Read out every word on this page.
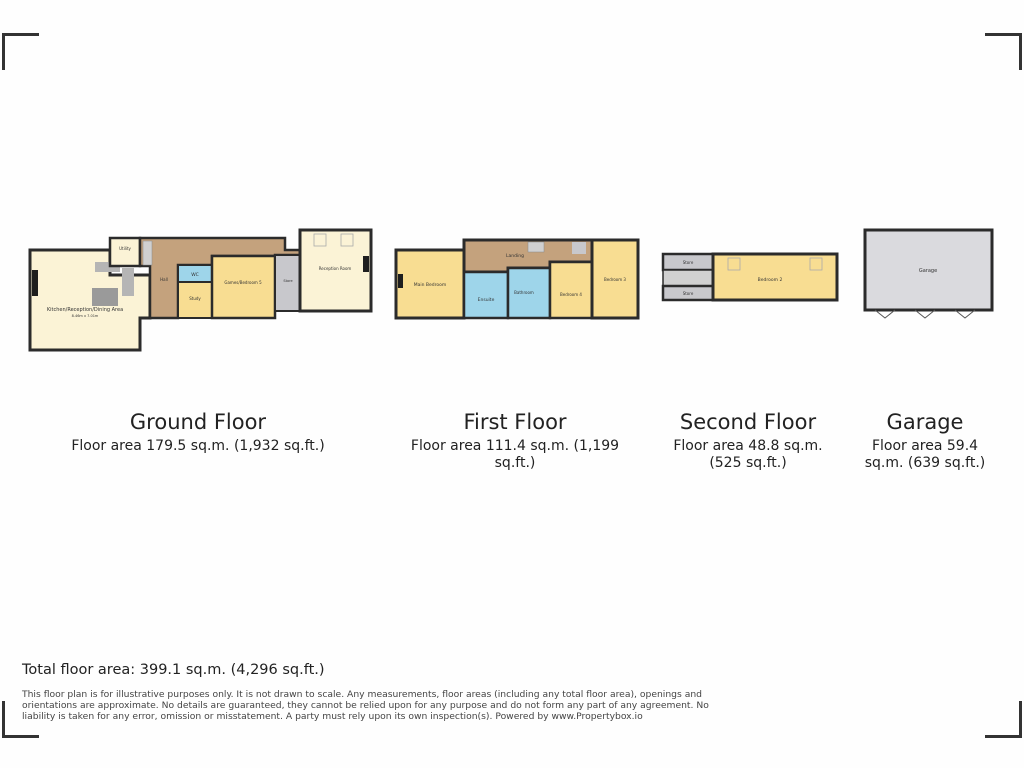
Kitchen/Reception/Dining Area
8.46m x 7.01m
Utility
Hall
WC
Study
Games/Bedroom 5	Store
Reception Room
Main Bedroom
Ensuite
Landing
Bathroom	Bedroom 4
Bedroom 3
Store
Store
Bedroom 2
Garage
Ground Floor
Floor area 179.5 sq.m. (1,932 sq.ft.)
First Floor
Floor area 111.4 sq.m. (1,199 sq.ft.)
Second Floor
Floor area 48.8 sq.m. (525 sq.ft.)
Garage
Floor area 59.4 sq.m. (639 sq.ft.)
Total floor area: 399.1 sq.m. (4,296 sq.ft.)
This floor plan is for illustrative purposes only. It is not drawn to scale. Any measurements, floor areas (including any total floor area), openings and orientations are approximate. No details are guaranteed, they cannot be relied upon for any purpose and do not form any part of any agreement. No liability is taken for any error, omission or misstatement. A party must rely upon its own inspection(s). Powered by www.Propertybox.io
